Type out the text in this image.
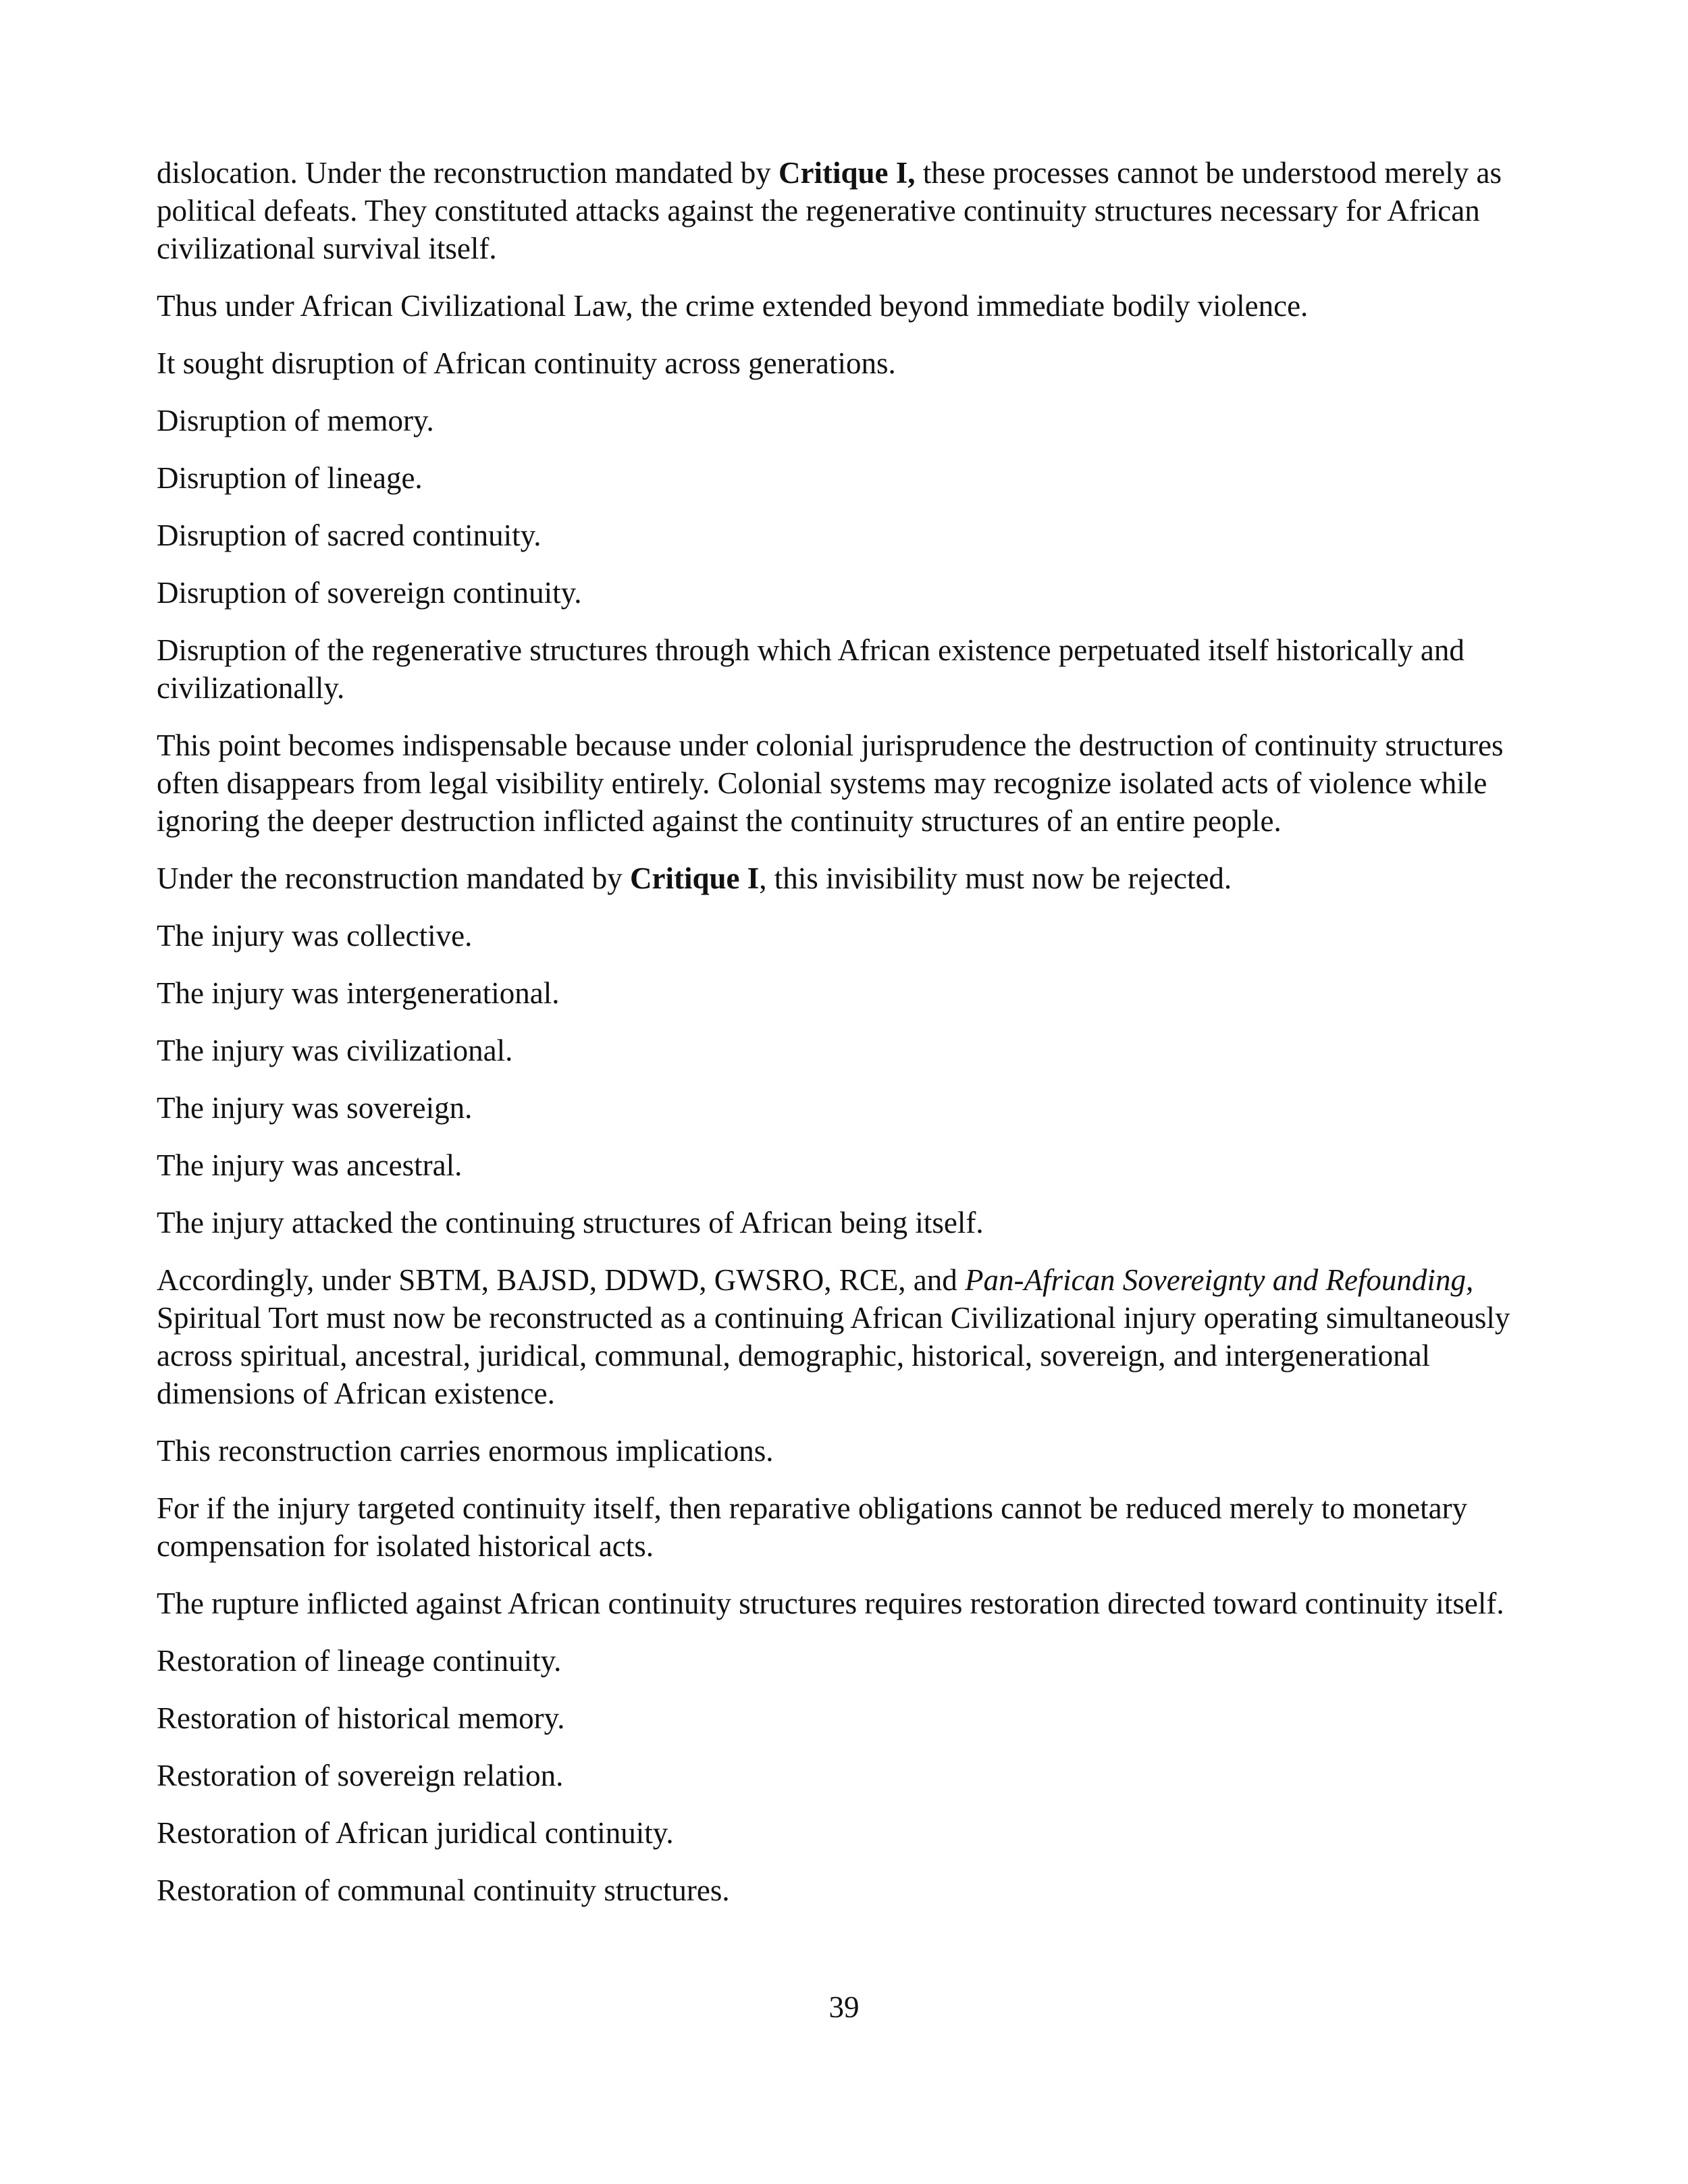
dislocation. Under the reconstruction mandated by Critique I, these processes cannot be understood merely as political defeats. They constituted attacks against the regenerative continuity structures necessary for African civilizational survival itself.

Thus under African Civilizational Law, the crime extended beyond immediate bodily violence.

It sought disruption of African continuity across generations.

Disruption of memory.

Disruption of lineage.

Disruption of sacred continuity.

Disruption of sovereign continuity.

Disruption of the regenerative structures through which African existence perpetuated itself historically and civilizationally.

This point becomes indispensable because under colonial jurisprudence the destruction of continuity structures often disappears from legal visibility entirely. Colonial systems may recognize isolated acts of violence while ignoring the deeper destruction inflicted against the continuity structures of an entire people.

Under the reconstruction mandated by Critique I, this invisibility must now be rejected.

The injury was collective.

The injury was intergenerational.

The injury was civilizational.

The injury was sovereign.

The injury was ancestral.

The injury attacked the continuing structures of African being itself.

Accordingly, under SBTM, BAJSD, DDWD, GWSRO, RCE, and Pan-African Sovereignty and Refounding, Spiritual Tort must now be reconstructed as a continuing African Civilizational injury operating simultaneously across spiritual, ancestral, juridical, communal, demographic, historical, sovereign, and intergenerational dimensions of African existence.

This reconstruction carries enormous implications.

For if the injury targeted continuity itself, then reparative obligations cannot be reduced merely to monetary compensation for isolated historical acts.

The rupture inflicted against African continuity structures requires restoration directed toward continuity itself.

Restoration of lineage continuity.

Restoration of historical memory.

Restoration of sovereign relation.

Restoration of African juridical continuity.

Restoration of communal continuity structures.

39
